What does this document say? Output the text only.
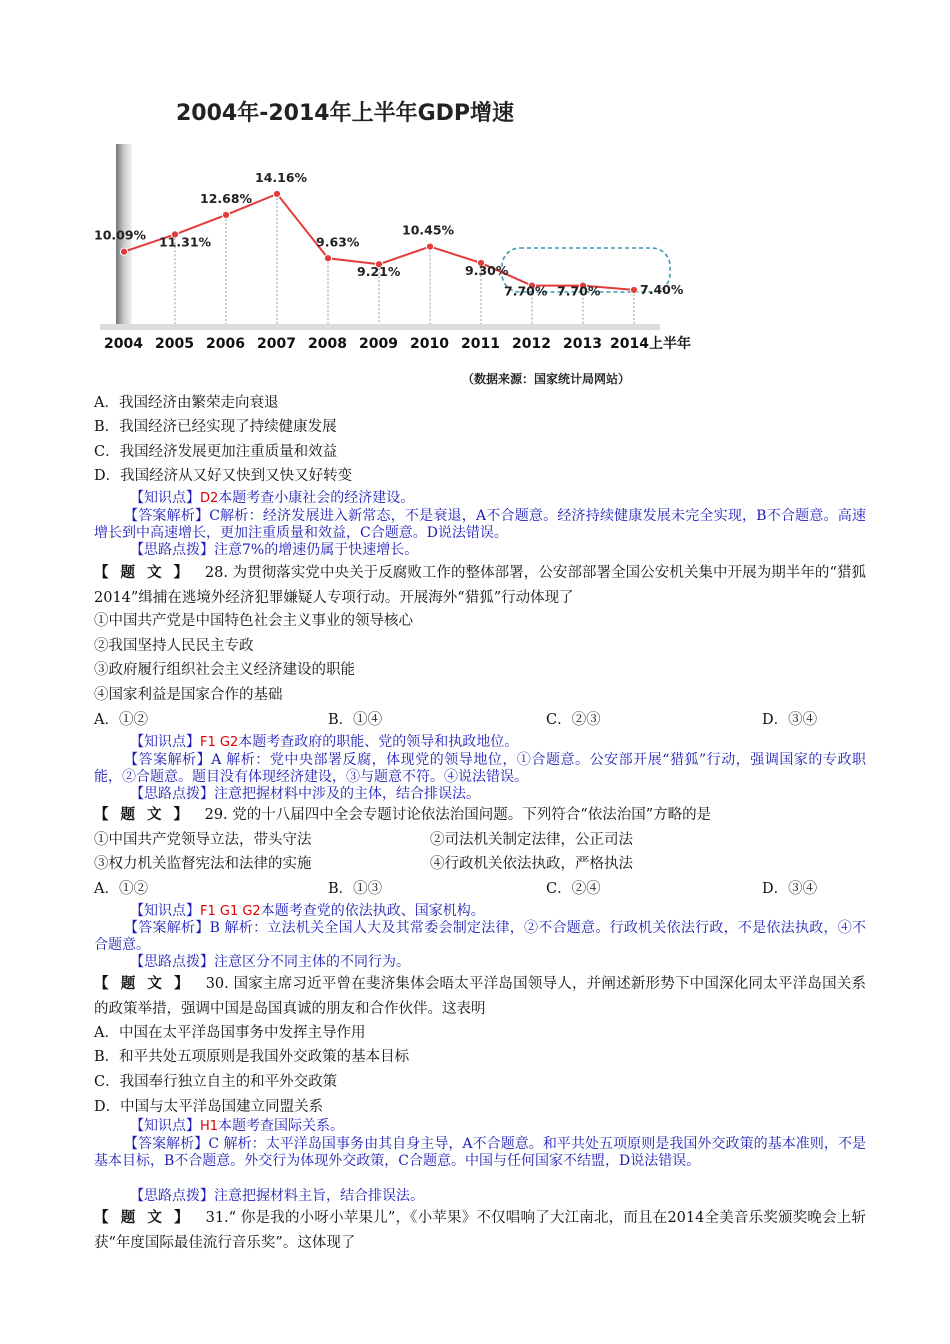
2004年-2014年上半年GDP增速
10.09% 11.31%
12.68%
14.16%
9.63%
9.21%
10.45%
9.30%
7.70% 7.70%	7.40%
2004 2005 2006 2007 2008 2009 2010 2011 2012 2013 2014上半年
（数据来源：国家统计局网站）
A．我国经济由繁荣走向衰退
B．我国经济已经实现了持续健康发展
C．我国经济发展更加注重质量和效益
D．我国经济从又好又快到又快又好转变
【知识点】D2本题考查小康社会的经济建设。
【答案解析】C解析：经济发展进入新常态，不是衰退，A不合题意。经济持续健康发展未完全实现，B不合题意。高速增长到中高速增长，更加注重质量和效益，C合题意。D说法错误。
【思路点拨】注意7%的增速仍属于快速增长。
【题文】 28. 为贯彻落实党中央关于反腐败工作的整体部署，公安部部署全国公安机关集中开展为期半年的“猎狐2014”缉捕在逃境外经济犯罪嫌疑人专项行动。开展海外“猎狐”行动体现了
①中国共产党是中国特色社会主义事业的领导核心
②我国坚持人民民主专政
③政府履行组织社会主义经济建设的职能
④国家利益是国家合作的基础
A．①②	B．①④	C．②③	D．③④
【知识点】F1 G2本题考查政府的职能、党的领导和执政地位。
【答案解析】A 解析：党中央部署反腐，体现党的领导地位，①合题意。公安部开展“猎狐”行动，强调国家的专政职能，②合题意。题目没有体现经济建设，③与题意不符。④说法错误。
【思路点拨】注意把握材料中涉及的主体，结合排误法。
【题文】 29. 党的十八届四中全会专题讨论依法治国问题。下列符合“依法治国”方略的是
①中国共产党领导立法，带头守法	②司法机关制定法律，公正司法
③权力机关监督宪法和法律的实施	④行政机关依法执政，严格执法
A．①②	B．①③	C．②④	D．③④
【知识点】F1 G1 G2本题考查党的依法执政、国家机构。
【答案解析】B 解析：立法机关全国人大及其常委会制定法律，②不合题意。行政机关依法行政，不是依法执政，④不合题意。
【思路点拨】注意区分不同主体的不同行为。
【题文】 30. 国家主席习近平曾在斐济集体会晤太平洋岛国领导人，并阐述新形势下中国深化同太平洋岛国关系的政策举措，强调中国是岛国真诚的朋友和合作伙伴。这表明
A．中国在太平洋岛国事务中发挥主导作用
B．和平共处五项原则是我国外交政策的基本目标
C．我国奉行独立自主的和平外交政策
D．中国与太平洋岛国建立同盟关系
【知识点】H1本题考查国际关系。
【答案解析】C 解析：太平洋岛国事务由其自身主导，A不合题意。和平共处五项原则是我国外交政策的基本准则，不是基本目标，B不合题意。外交行为体现外交政策，C合题意。中国与任何国家不结盟，D说法错误。
【思路点拨】注意把握材料主旨，结合排误法。
【题文】 31.“ 你是我的小呀小苹果儿”，《小苹果》不仅唱响了大江南北，而且在2014全美音乐奖颁奖晚会上斩获“年度国际最佳流行音乐奖”。这体现了
